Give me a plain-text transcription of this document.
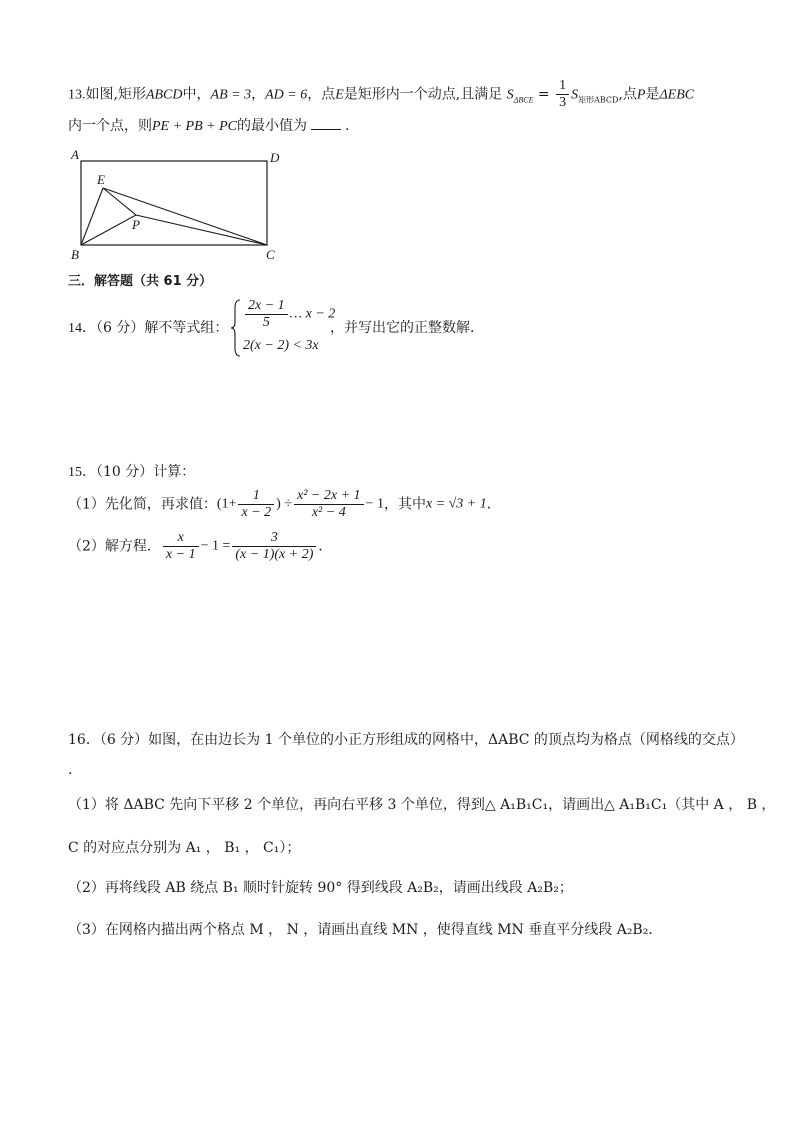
13.如图,矩形ABCD中，AB = 3，AD = 6，点E是矩形内一个动点,且满足 $S_{\Delta BCE} = \frac{1}{3} S_{矩形ABCD}$,点P是ΔEBC
内一个点，则PE + PB + PC的最小值为	.
A	D
E
P
B	C
三．解答题（共 61 分）
14．（6 分）解不等式组： $\frac{2x - 1}{5}$ … x − 2
2(x − 2) < 3x
，并写出它的正整数解．
15．（10 分）计算：
（1）先化简，再求值：($1+ \frac{1}{x - 2}$ ) ÷ $\frac{\text{x² − 2x + 1}}{\text{x² − 4}} - 1$，其中x = √3 + 1．
（2）解方程． $\frac{x}{x - 1} - 1 = \frac{3}{(x - 1)(x + 2)}$ ．
16．（6 分）如图，在由边长为 1 个单位的小正方形组成的网格中，ΔABC 的顶点均为格点（网格线的交点）
.
（1）将 ΔABC 先向下平移 2 个单位，再向右平移 3 个单位，得到△ A₁B₁C₁，请画出△ A₁B₁C₁（其中 A ， B ，
C 的对应点分别为 A₁ ， B₁ ， C₁）；
（2）再将线段 AB 绕点 B₁ 顺时针旋转 90° 得到线段 A₂B₂，请画出线段 A₂B₂；
（3）在网格内描出两个格点 M ， N ，请画出直线 MN ，使得直线 MN 垂直平分线段 A₂B₂．
